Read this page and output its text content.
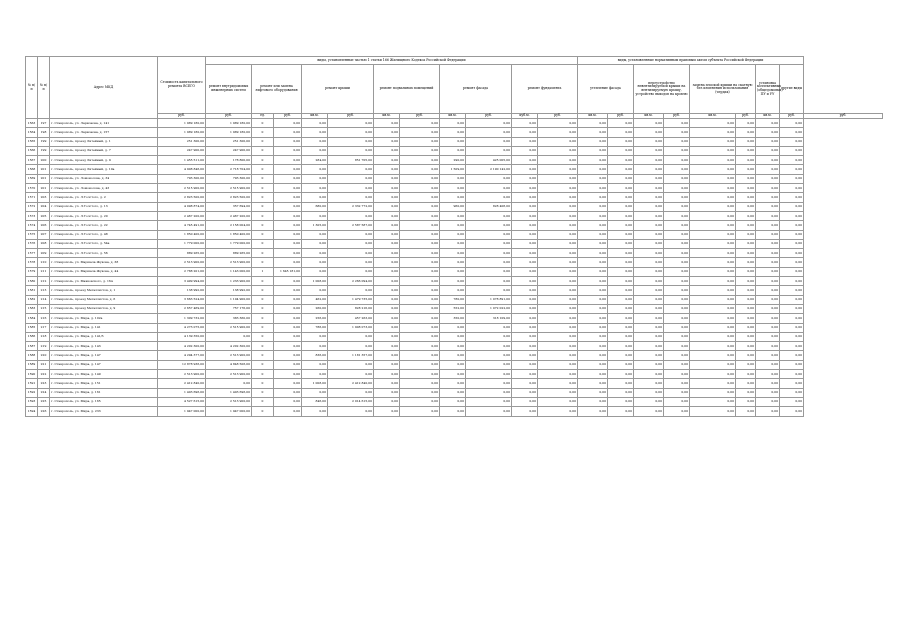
№ п/п	№ п/п	Адрес МКД	Стоимость капитального ремонта ВСЕГО	виды, установленные частью 1 статьи 166 Жилищного Кодекса Российской Федерации											виды, установленные нормативным правовым актом субъекта Российской Федерации								
				ремонт внутридомовых инженерных систем	ремонт или замена лифтового оборудования		ремонт крыши		ремонт подвальных помещений		ремонт фасада		ремонт фундамента		утепление фасада		переустройство невентилируемой крыши на вентилируемую крышу, устройство выходов на кровлю		замена плоской крыши на скатную без изменения использования (чердак)		установка коллективных (общедомовых) ПУ и УУ	другие виды	
			руб.	руб.	ед.	руб.	кв.м.	руб.	кв.м.	руб.	кв.м.	руб.	куб.м.	руб.	кв.м.	руб.	кв.м.	руб.	кв.м.	руб.	кв.м.	руб.	руб.
1563	197	г. Ставрополь, ул. Ларионова, д. 141	1 989 180,00	1 989 180,00	0	0,00	0,00	0,00	0,00	0,00	0,00	0,00	0,00	0,00	0,00	0,00	0,00	0,00	0,00	0,00	0,00	0,00	
1564	198	г. Ставрополь, ул. Ларионова, д. 157	1 989 180,00	1 989 180,00	0	0,00	0,00	0,00	0,00	0,00	0,00	0,00	0,00	0,00	0,00	0,00	0,00	0,00	0,00	0,00	0,00	0,00	
1565	199	г. Ставрополь, проезд Литейный, д. 1	251 300,00	251 300,00	0	0,00	0,00	0,00	0,00	0,00	0,00	0,00	0,00	0,00	0,00	0,00	0,00	0,00	0,00	0,00	0,00	0,00	
1566	199	г. Ставрополь, проезд Литейный, д. 7	247 900,00	247 900,00	0	0,00	0,00	0,00	0,00	0,00	0,00	0,00	0,00	0,00	0,00	0,00	0,00	0,00	0,00	0,00	0,00	0,00	
1567	200	г. Ставрополь, проезд Литейный, д. 9	1 455 511,00	178 800,00	0	0,00	284,00	851 705,00	0,00	0,00	290,00	425 005,00	0,00	0,00	0,00	0,00	0,00	0,00	0,00	0,00	0,00	0,00	
1568	201	г. Ставрополь, проезд Литейный, д. 10а	4 908 846,00	2 718 704,00	0	0,00	0,00	0,00	0,00	0,00	1 509,00	2 190 142,00	0,00	0,00	0,00	0,00	0,00	0,00	0,00	0,00	0,00	0,00	
1569	201	г. Ставрополь, ул. Ломоносова, д. 34	793 300,00	793 300,00	0	0,00	0,00	0,00	0,00	0,00	0,00	0,00	0,00	0,00	0,00	0,00	0,00	0,00	0,00	0,00	0,00	0,00	
1570	201	г. Ставрополь, ул. Ломоносова, д. 43	2 515 900,00	2 515 900,00	0	0,00	0,00	0,00	0,00	0,00	0,00	0,00	0,00	0,00	0,00	0,00	0,00	0,00	0,00	0,00	0,00	0,00	
1571	203	г. Ставрополь, ул. Л.Толстого, д. 2	2 823 500,00	2 823 500,00	0	0,00	0,00	0,00	0,00	0,00	0,00	0,00	0,00	0,00	0,00	0,00	0,00	0,00	0,00	0,00	0,00	0,00	
1572	204	г. Ставрополь, ул. Л.Толстого, д. 13	4 098 874,00	357 694,00	0	0,00	680,00	2 332 772,00	0,00	0,00	960,00	828 408,00	0,00	0,00	0,00	0,00	0,00	0,00	0,00	0,00	0,00	0,00	
1573	205	г. Ставрополь, ул. Л.Толстого, д. 20	2 467 200,00	2 467 200,00	0	0,00	0,00	0,00	0,00	0,00	0,00	0,00	0,00	0,00	0,00	0,00	0,00	0,00	0,00	0,00	0,00	0,00	
1574	206	г. Ставрополь, ул. Л.Толстого, д. 22	4 745 491,00	2 158 004,00	0	0,00	1 305,00	2 587 587,00	0,00	0,00	0,00	0,00	0,00	0,00	0,00	0,00	0,00	0,00	0,00	0,00	0,00	0,00	
1575	207	г. Ставрополь, ул. Л.Толстого, д. 48	1 850 400,00	1 850 400,00	0	0,00	0,00	0,00	0,00	0,00	0,00	0,00	0,00	0,00	0,00	0,00	0,00	0,00	0,00	0,00	0,00	0,00	
1576	208	г. Ставрополь, ул. Л.Толстого, д. 54а	1 779 000,00	1 779 000,00	0	0,00	0,00	0,00	0,00	0,00	0,00	0,00	0,00	0,00	0,00	0,00	0,00	0,00	0,00	0,00	0,00	0,00	
1577	209	г. Ставрополь, ул. Л.Толстого, д. 56	889 265,00	889 265,00	0	0,00	0,00	0,00	0,00	0,00	0,00	0,00	0,00	0,00	0,00	0,00	0,00	0,00	0,00	0,00	0,00	0,00	
1578	210	г. Ставрополь, ул. Маршала Жукова, д. 38	2 513 900,00	2 513 900,00	0	0,00	0,00	0,00	0,00	0,00	0,00	0,00	0,00	0,00	0,00	0,00	0,00	0,00	0,00	0,00	0,00	0,00	
1579	211	г. Ставрополь, ул. Маршала Жукова, д. 44	2 788 201,00	1 143 000,00	1	1 645 181,00	0,00	0,00	0,00	0,00	0,00	0,00	0,00	0,00	0,00	0,00	0,00	0,00	0,00	0,00	0,00	0,00	
1580	212	г. Ставрополь, ул. Маяковского, д. 16А	3 499 994,00	1 233 900,00	0	0,00	1 008,00	2 266 094,00	0,00	0,00	0,00	0,00	0,00	0,00	0,00	0,00	0,00	0,00	0,00	0,00	0,00	0,00	
1581	213	г. Ставрополь, проезд Металлистов, д. 1	138 992,00	138 992,00	0	0,00	0,00	0,00	0,00	0,00	0,00	0,00	0,00	0,00	0,00	0,00	0,00	0,00	0,00	0,00	0,00	0,00	
1582	214	г. Ставрополь, проезд Металлистов, д. 6	3 663 524,00	1 104 900,00	0	0,00	462,00	1 479 735,00	0,00	0,00	780,00	1 078 891,00	0,00	0,00	0,00	0,00	0,00	0,00	0,00	0,00	0,00	0,00	
1583	215	г. Ставрополь, проезд Металлистов, д. 9	2 657 469,00	757 176,00	0	0,00	260,00	828 216,00	0,00	0,00	552,00	1 072 022,00	0,00	0,00	0,00	0,00	0,00	0,00	0,00	0,00	0,00	0,00	
1584	216	г. Ставрополь, ул. Мира, д. 102а	1 309 732,00	383 360,00	0	0,00	256,00	457 263,00	0,00	0,00	350,00	318 109,00	0,00	0,00	0,00	0,00	0,00	0,00	0,00	0,00	0,00	0,00	
1585	217	г. Ставрополь, ул. Мира, д. 141	4 273 075,00	2 515 900,00	0	0,00	786,00	1 908 073,00	0,00	0,00	0,00	0,00	0,00	0,00	0,00	0,00	0,00	0,00	0,00	0,00	0,00	0,00	
1586	218	г. Ставрополь, ул. Мира, д. 141/3	4 139 350,00	0,00	0	0,00	0,00	0,00	0,00	0,00	0,00	0,00	0,00	0,00	0,00	0,00	0,00	0,00	0,00	0,00	0,00	0,00	
1587	219	г. Ставрополь, ул. Мира, д. 143	4 202 300,00	4 202 300,00	0	0,00	0,00	0,00	0,00	0,00	0,00	0,00	0,00	0,00	0,00	0,00	0,00	0,00	0,00	0,00	0,00	0,00	
1588	220	г. Ставрополь, ул. Мира, д. 147	4 294 377,00	2 513 900,00	0	0,00	836,00	1 181 357,00	0,00	0,00	0,00	0,00	0,00	0,00	0,00	0,00	0,00	0,00	0,00	0,00	0,00	0,00	
1589	221	г. Ставрополь, ул. Мира, д. 147	12 878 936,00	4 848 506,00	0	0,00	0,00	0,00	0,00	0,00	0,00	0,00	0,00	0,00	0,00	0,00	0,00	0,00	0,00	0,00	0,00	0,00	
1590	222	г. Ставрополь, ул. Мира, д. 149	2 513 900,00	2 513 900,00	0	0,00	0,00	0,00	0,00	0,00	0,00	0,00	0,00	0,00	0,00	0,00	0,00	0,00	0,00	0,00	0,00	0,00	
1591	223	г. Ставрополь, ул. Мира, д. 151	2 412 840,00	0,00	0	0,00	1 008,00	2 412 840,00	0,00	0,00	0,00	0,00	0,00	0,00	0,00	0,00	0,00	0,00	0,00	0,00	0,00	0,00	
1592	224	г. Ставрополь, ул. Мира, д. 161	1 403 696,00	1 403 696,00	0	0,00	0,00	0,00	0,00	0,00	0,00	0,00	0,00	0,00	0,00	0,00	0,00	0,00	0,00	0,00	0,00	0,00	
1593	225	г. Ставрополь, ул. Мира, д. 165	4 527 615,00	2 513 900,00	0	0,00	846,00	2 014 615,00	0,00	0,00	0,00	0,00	0,00	0,00	0,00	0,00	0,00	0,00	0,00	0,00	0,00	0,00	
1594	226	г. Ставрополь, ул. Мира, д. 233	1 947 000,00	1 947 000,00	0	0,00	0,00	0,00	0,00	0,00	0,00	0,00	0,00	0,00	0,00	0,00	0,00	0,00	0,00	0,00	0,00	0,00	
